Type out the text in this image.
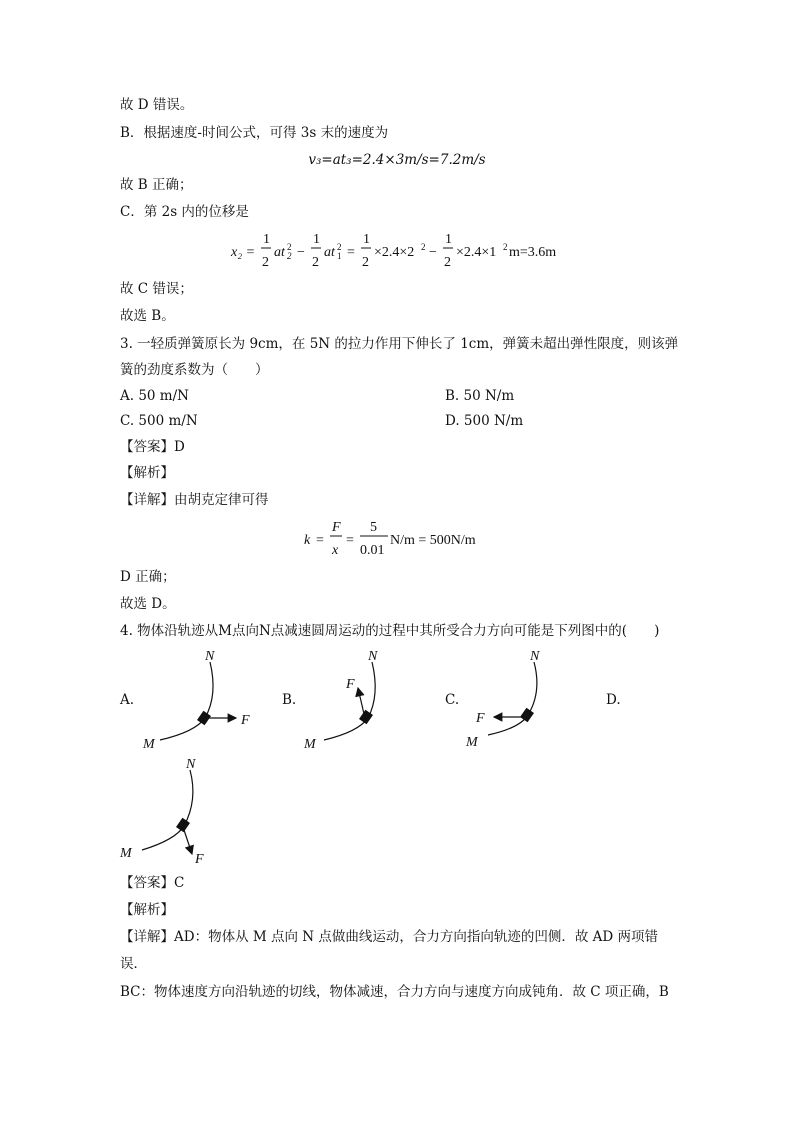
故 D 错误。
B．根据速度-时间公式，可得 3s 末的速度为
v₃=at₃=2.4×3m/s=7.2m/s
故 B 正确；
C．第 2s 内的位移是
x₂ =
1
2
at 2
2 −
1
2
at 1
2 =
1
2
×2.4×2 2 −
1
2
×2.4×1 2 m=3.6m
故 C 错误；
故选 B。
3. 一轻质弹簧原长为 9cm，在 5N 的拉力作用下伸长了 1cm，弹簧未超出弹性限度，则该弹
簧的劲度系数为（　　）
A. 50 m/N	B. 50 N/m
C. 500 m/N	D. 500 N/m
【答案】D
【解析】
【详解】由胡克定律可得
k =
F
x
=
5
0.01
N/m = 500N/m
D 正确；
故选 D。
4. 物体沿轨迹从M点向N点减速圆周运动的过程中其所受合力方向可能是下列图中的(　　)
A.	B.	C.	D.
N
M
F
N
M
F
N
M
F
N
M	F
【答案】C
【解析】
【详解】AD：物体从 M 点向 N 点做曲线运动，合力方向指向轨迹的凹侧．故 AD 两项错
误．
BC：物体速度方向沿轨迹的切线，物体减速，合力方向与速度方向成钝角．故 C 项正确，B
